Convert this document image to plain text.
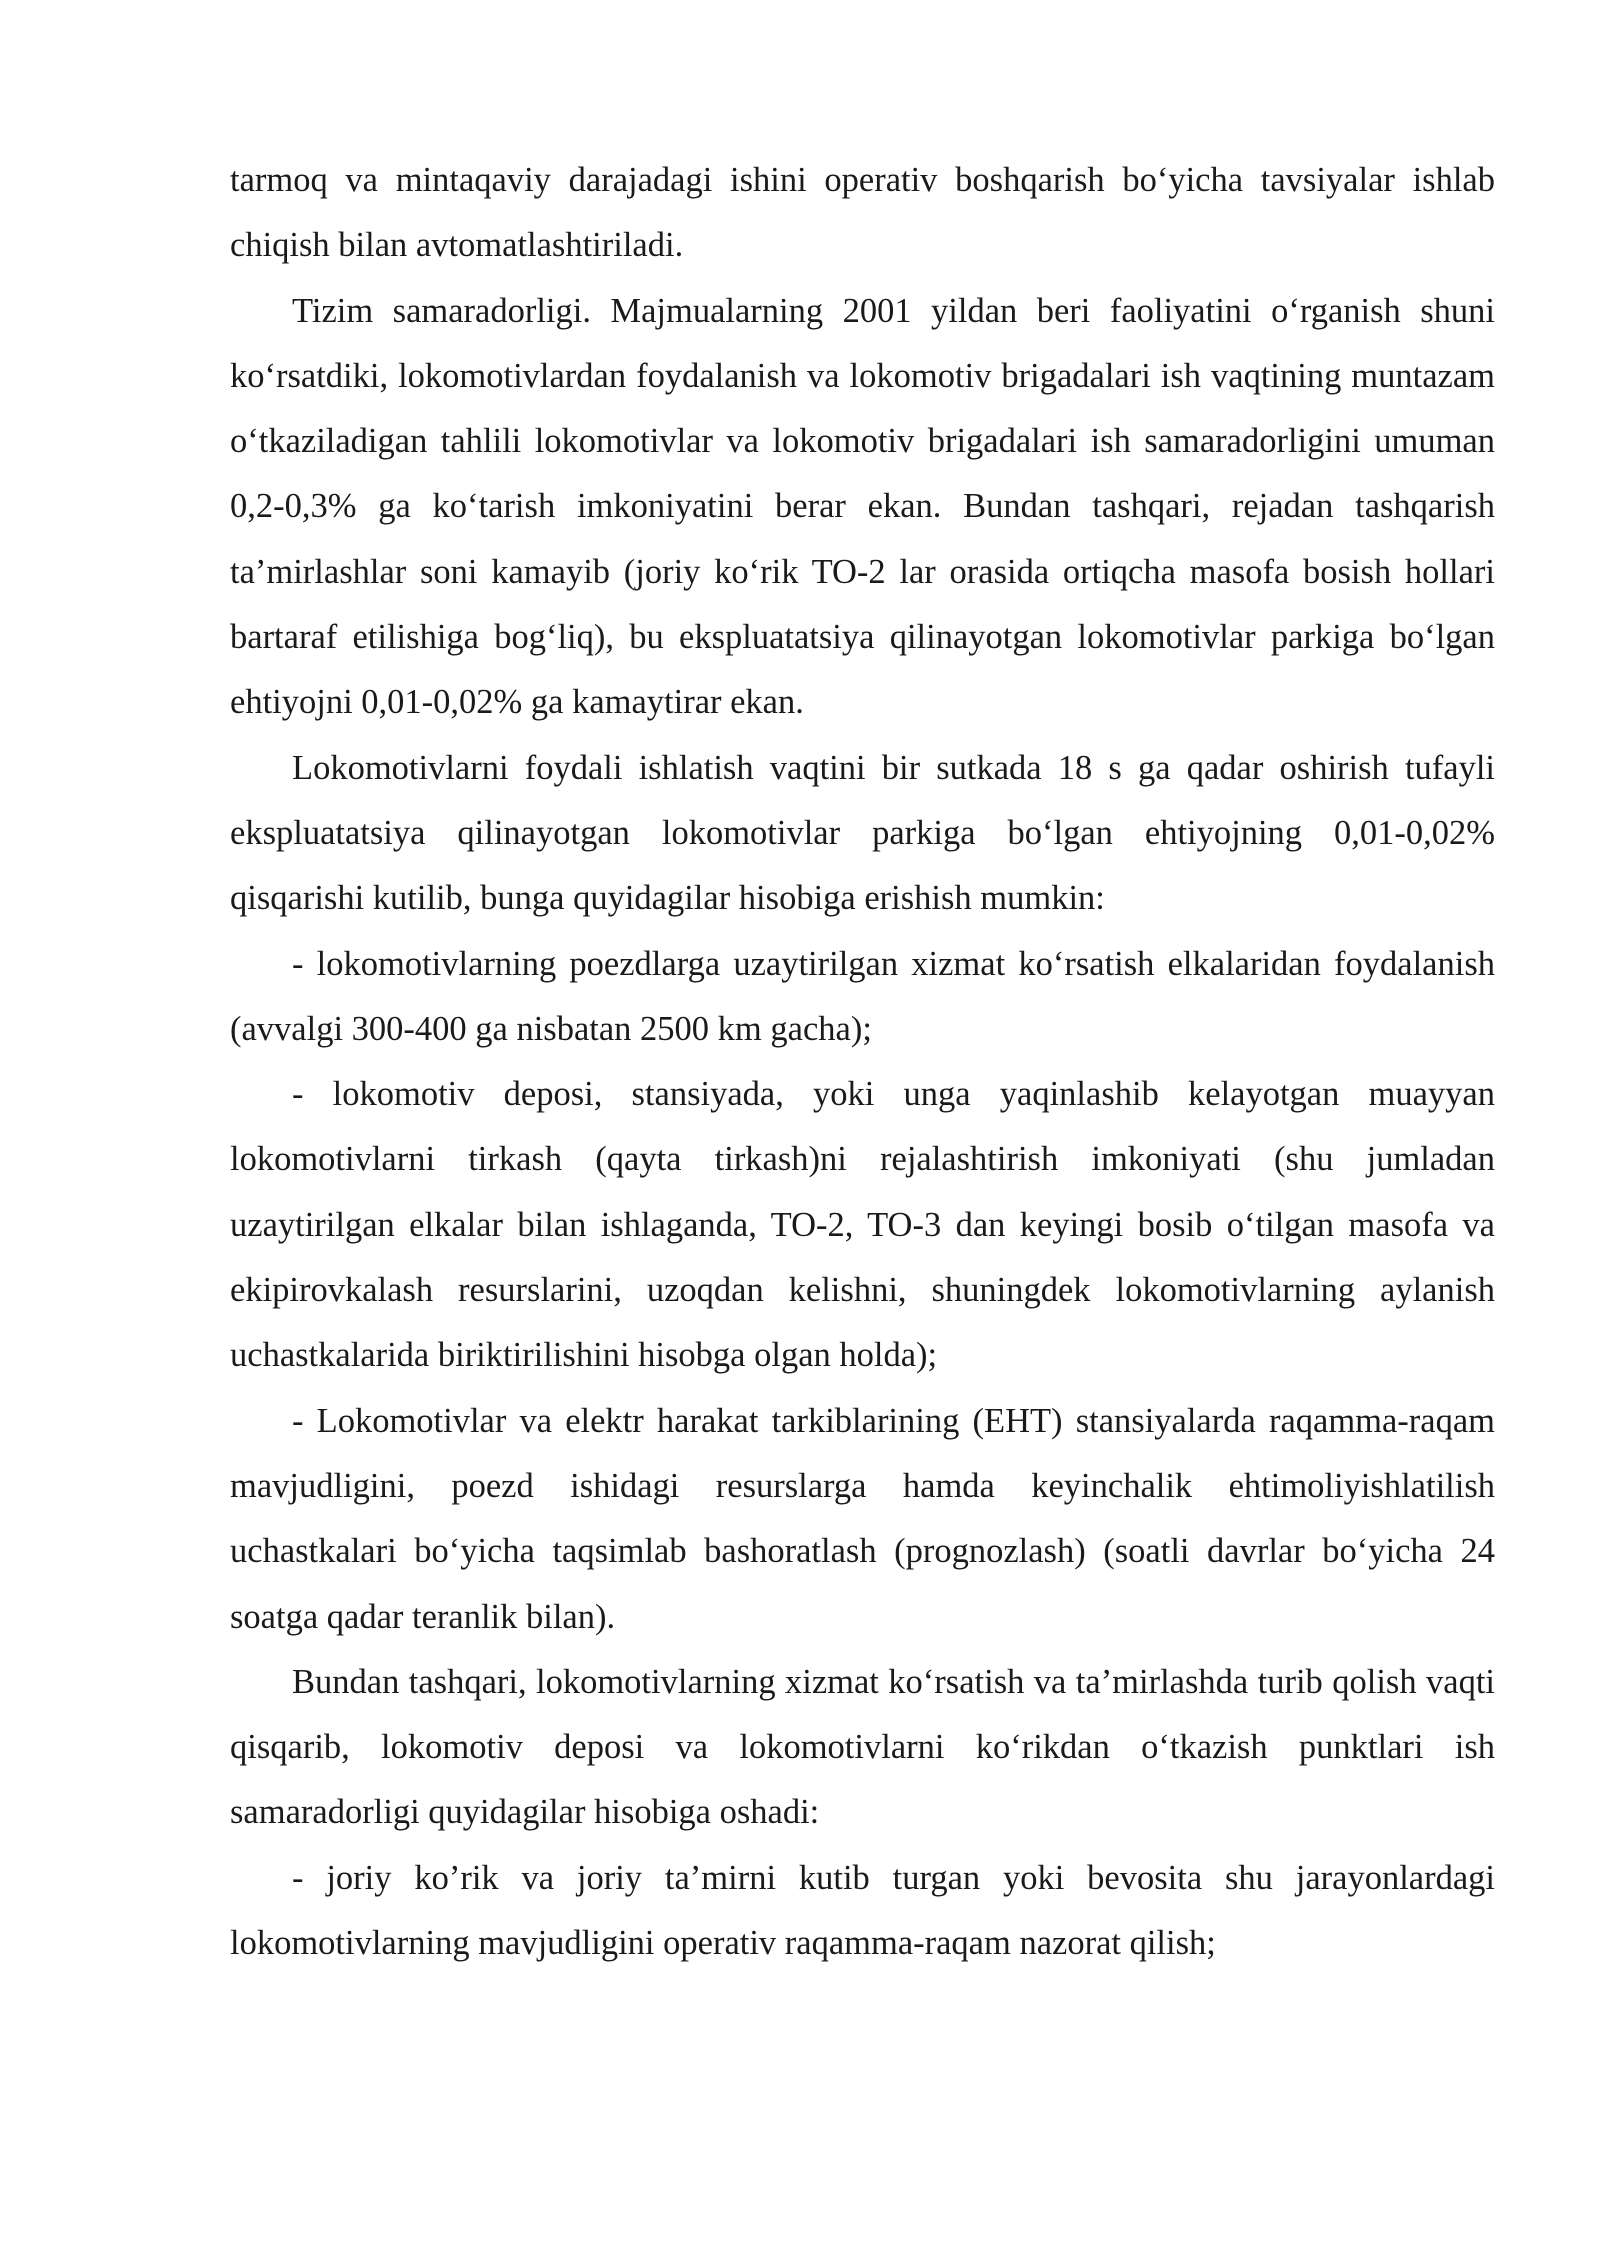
tarmoq va mintaqaviy darajadagi ishini operativ boshqarish bo‘yicha tavsiyalar ishlab chiqish bilan avtomatlashtiriladi.

Tizim samaradorligi. Majmualarning 2001 yildan beri faoliyatini o‘rganish shuni ko‘rsatdiki, lokomotivlardan foydalanish va lokomotiv brigadalari ish vaqtining muntazam o‘tkaziladigan tahlili lokomotivlar va lokomotiv brigadalari ish samaradorligini umuman 0,2-0,3% ga ko‘tarish imkoniyatini berar ekan. Bundan tashqari, rejadan tashqarish ta’mirlashlar soni kamayib (joriy ko‘rik TO-2 lar orasida ortiqcha masofa bosish hollari bartaraf etilishiga bog‘liq), bu ekspluatatsiya qilinayotgan lokomotivlar parkiga bo‘lgan ehtiyojni 0,01-0,02% ga kamaytirar ekan.

Lokomotivlarni foydali ishlatish vaqtini bir sutkada 18 s ga qadar oshirish tufayli ekspluatatsiya qilinayotgan lokomotivlar parkiga bo‘lgan ehtiyojning 0,01-0,02% qisqarishi kutilib, bunga quyidagilar hisobiga erishish mumkin:

- lokomotivlarning poezdlarga uzaytirilgan xizmat ko‘rsatish elkalaridan foydalanish (avvalgi 300-400 ga nisbatan 2500 km gacha);

- lokomotiv deposi, stansiyada, yoki unga yaqinlashib kelayotgan muayyan lokomotivlarni tirkash (qayta tirkash)ni rejalashtirish imkoniyati (shu jumladan uzaytirilgan elkalar bilan ishlaganda, TO-2, TO-3 dan keyingi bosib o‘tilgan masofa va ekipirovkalash resurslarini, uzoqdan kelishni, shuningdek lokomotivlarning aylanish uchastkalarida biriktirilishini hisobga olgan holda);

- Lokomotivlar va elektr harakat tarkiblarining (EHT) stansiyalarda raqamma-raqam mavjudligini, poezd ishidagi resurslarga hamda keyinchalik ehtimoliyishlatilish uchastkalari bo‘yicha taqsimlab bashoratlash (prognozlash) (soatli davrlar bo‘yicha 24 soatga qadar teranlik bilan).

Bundan tashqari, lokomotivlarning xizmat ko‘rsatish va ta’mirlashda turib qolish vaqti qisqarib, lokomotiv deposi va lokomotivlarni ko‘rikdan o‘tkazish punktlari ish samaradorligi quyidagilar hisobiga oshadi:

- joriy ko’rik va joriy ta’mirni kutib turgan yoki bevosita shu jarayonlardagi lokomotivlarning mavjudligini operativ raqamma-raqam nazorat qilish;
